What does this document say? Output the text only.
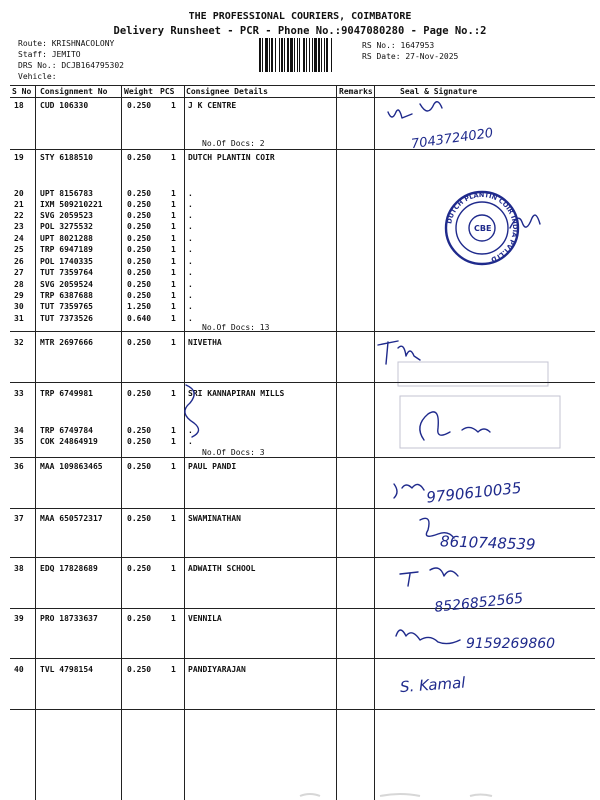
THE PROFESSIONAL COURIERS, COIMBATORE
Delivery Runsheet - PCR - Phone No.:9047080280 - Page No.:2
Route: KRISHNACOLONY
Staff: JEMITO
DRS No.: DCJB164795302
Vehicle:
RS No.: 1647953
RS Date: 27-Nov-2025
S No Consignment No Weight PCS Consignee Details	Remarks	Seal & Signature
18 CUD 106330	0.250 1 J K CENTRE
No.Of Docs: 2
19 STY 6188510	0.250 1 DUTCH PLANTIN COIR
20 UPT 8156783	0.250 1 .
21 IXM 509210221	0.250 1 .
22 SVG 2059523	0.250 1 .
23 POL 3275532	0.250 1 .
24 UPT 8021288	0.250 1 .
25 TRP 6947189	0.250 1 .
26 POL 1740335	0.250 1 .
27 TUT 7359764	0.250 1 .
28 SVG 2059524	0.250 1 .
29 TRP 6387688	0.250 1 .
30 TUT 7359765	1.250 1 .
31 TUT 7373526	0.640 1 .
No.Of Docs: 13
32 MTR 2697666	0.250 1 NIVETHA
33 TRP 6749981	0.250 1 SRI KANNAPIRAN MILLS
34 TRP 6749784	0.250 1 .
35 COK 24864919	0.250 1 .
No.Of Docs: 3
36 MAA 109863465	0.250 1 PAUL PANDI
37 MAA 650572317	0.250 1 SWAMINATHAN
38 EDQ 17828689	0.250 1 ADWAITH SCHOOL
39 PRO 18733637	0.250 1 VENNILA
40 TVL 4798154	0.250 1 PANDIYARAJAN
7043724020
DUTCH PLANTIN COIR INDIA PVT.LTD
CBE
9790610035
8610748539
8526852565
9159269860
S. Kamal
